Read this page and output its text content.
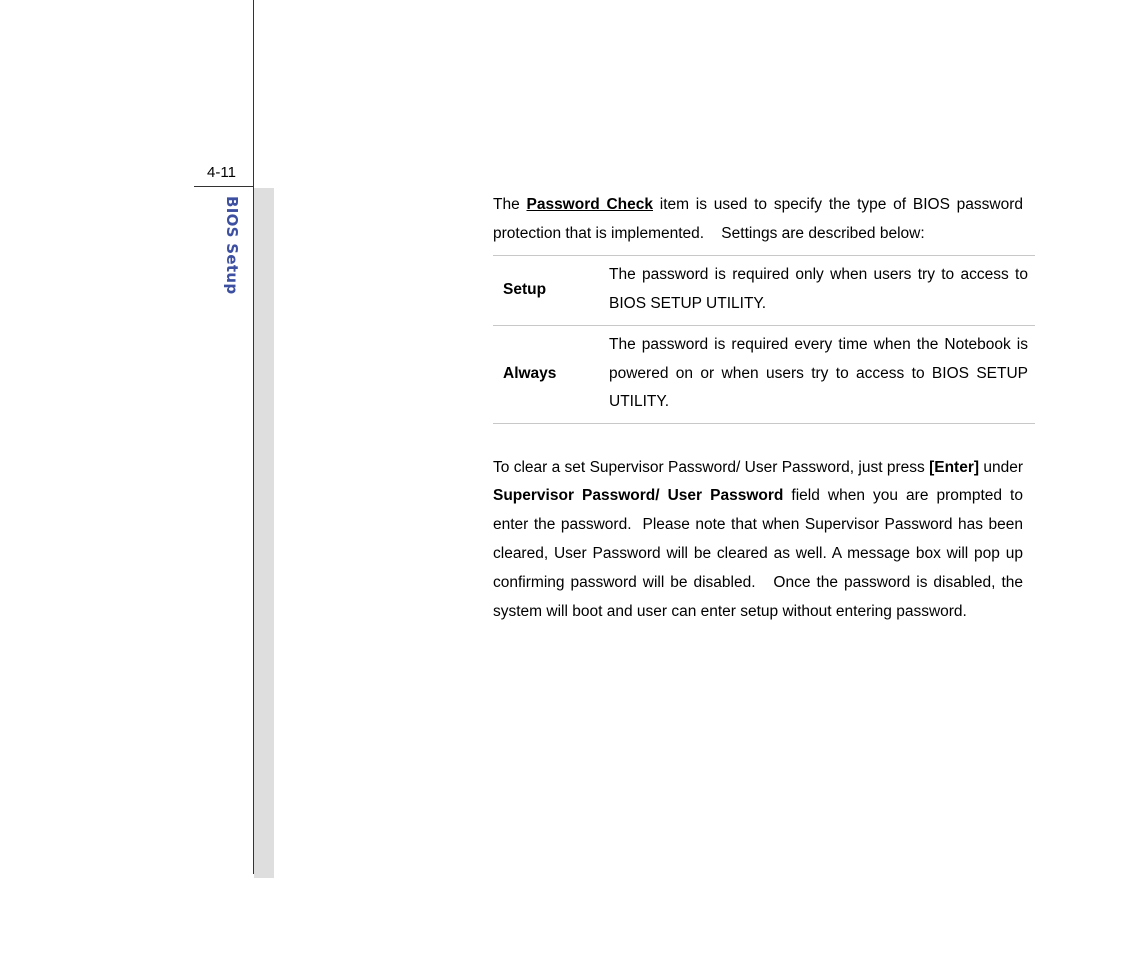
4-11
BIOS Setup	The Password Check item is used to specify the type of BIOS password protection that is implemented.    Settings are described below:

Setup	The password is required only when users try to access to BIOS SETUP UTILITY.
Always	The password is required every time when the Notebook is powered on or when users try to access to BIOS SETUP UTILITY.

To clear a set Supervisor Password/ User Password, just press [Enter] under Supervisor Password/ User Password field when you are prompted to enter the password.  Please note that when Supervisor Password has been cleared, User Password will be cleared as well. A message box will pop up confirming password will be disabled.   Once the password is disabled, the system will boot and user can enter setup without entering password.
